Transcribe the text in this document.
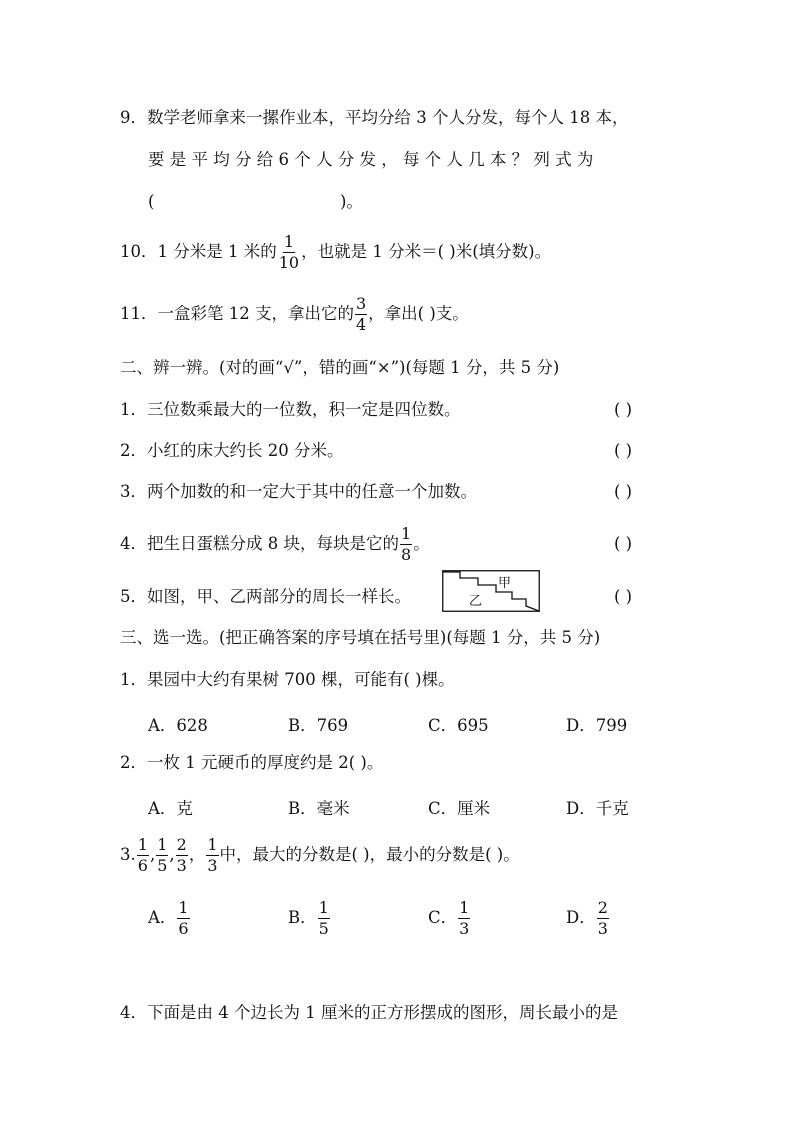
9．数学老师拿来一摞作业本，平均分给 3 个人分发，每个人 18 本，
要 是 平 均 分 给 6 个 人 分 发 ， 每 个 人 几 本 ？ 列 式 为
(	)。
10．1 分米是 1 米的 $\frac{1}{10}$ ，也就是 1 分米＝( )米(填分数)。
11．一盒彩笔 12 支，拿出它的 $\frac{3}{4}$ ，拿出( )支。
二、辨一辨。(对的画“√”，错的画“×”)(每题 1 分，共 5 分)
1．三位数乘最大的一位数，积一定是四位数。	( )
2．小红的床大约长 20 分米。	( )
3．两个加数的和一定大于其中的任意一个加数。	( )
4．把生日蛋糕分成 8 块，每块是它的 $\frac{1}{8}$ 。	( )
5．如图，甲、乙两部分的周长一样长。	( )
甲
乙
三、选一选。(把正确答案的序号填在括号里)(每题 1 分，共 5 分)
1．果园中大约有果树 700 棵，可能有( )棵。
A．628	B．769	C．695	D．799
2．一枚 1 元硬币的厚度约是 2( )。
A．克	B．毫米	C．厘米	D．千克
3. $\frac{1}{6}$ , $\frac{1}{5}$ , $\frac{2}{3}$ ， $\frac{1}{3}$ 中，最大的分数是( )，最小的分数是( )。
A． $\frac{1}{6}$	B． $\frac{1}{5}$	C． $\frac{1}{3}$	D． $\frac{2}{3}$
4．下面是由 4 个边长为 1 厘米的正方形摆成的图形，周长最小的是
